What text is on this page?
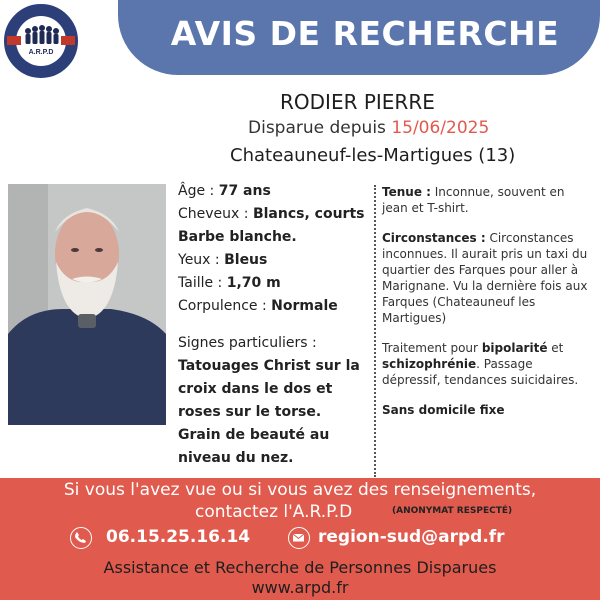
A.R.P.D	AVIS DE RECHERCHE
RODIER PIERRE
Disparue depuis 15/06/2025
Chateauneuf-les-Martigues (13)

Âge : 77 ans

Cheveux : Blancs, courts

Barbe blanche.

Yeux : Bleus

Taille : 1,70 m

Corpulence : Normale

Signes particuliers :

Tatouages Christ sur la croix dans le dos et roses sur le torse.

Grain de beauté au niveau du nez.

Tenue : Inconnue, souvent en jean et T-shirt.

Circonstances : Circonstances inconnues. Il aurait pris un taxi du quartier des Farques pour aller à Marignane. Vu la dernière fois aux Farques (Chateauneuf les Martigues)

Traitement pour bipolarité et schizophrénie. Passage dépressif, tendances suicidaires.

Sans domicile fixe

Si vous l'avez vue ou si vous avez des renseignements,
contactez l'A.R.P.D	(ANONYMAT RESPECTÉ)
06.15.25.16.14	region-sud@arpd.fr
Assistance et Recherche de Personnes Disparues
www.arpd.fr
